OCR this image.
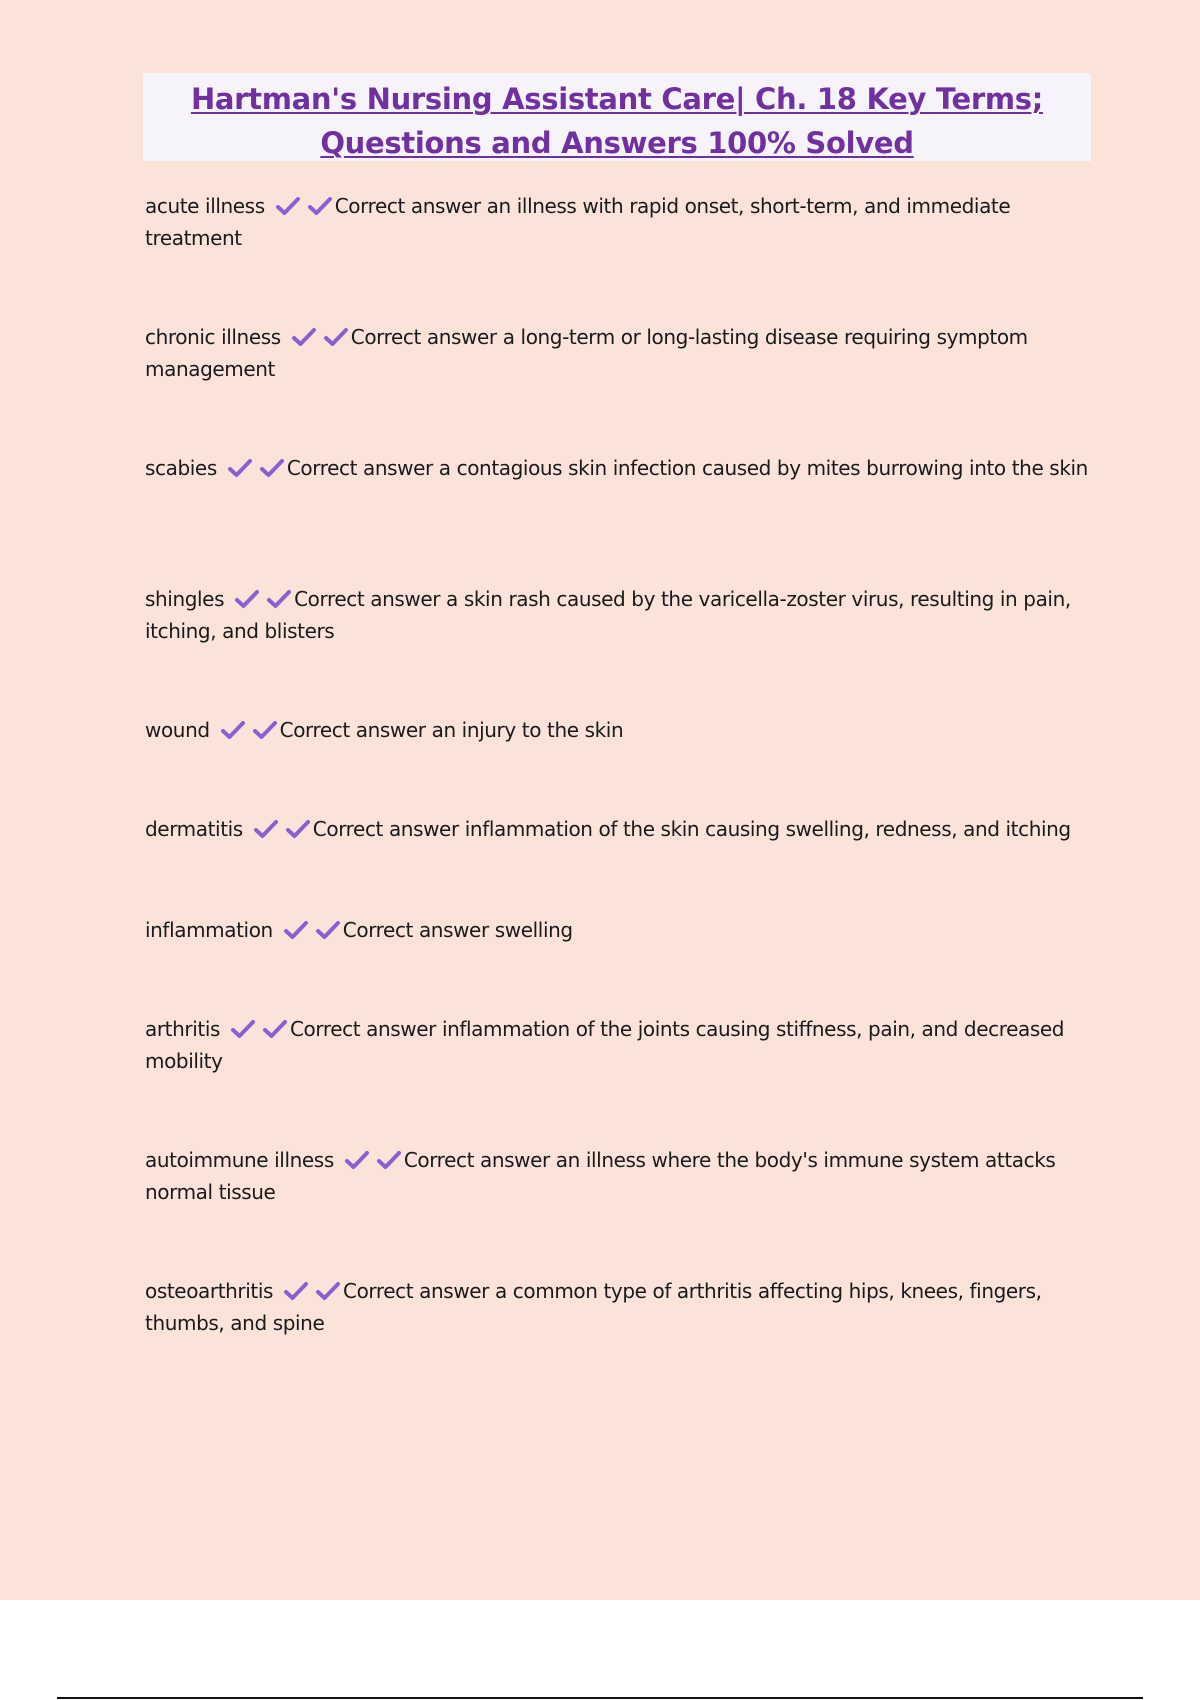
Hartman's Nursing Assistant Care| Ch. 18 Key Terms;
Questions and Answers 100% Solved
acute illness	Correct answer an illness with rapid onset, short-term, and immediate treatment
chronic illness	Correct answer a long-term or long-lasting disease requiring symptom management
scabies	Correct answer a contagious skin infection caused by mites burrowing into the skin
shingles	Correct answer a skin rash caused by the varicella-zoster virus, resulting in pain, itching, and blisters
wound	Correct answer an injury to the skin
dermatitis	Correct answer inflammation of the skin causing swelling, redness, and itching
inflammation	Correct answer swelling
arthritis	Correct answer inflammation of the joints causing stiffness, pain, and decreased mobility
autoimmune illness	Correct answer an illness where the body's immune system attacks normal tissue
osteoarthritis	Correct answer a common type of arthritis affecting hips, knees, fingers, thumbs, and spine
